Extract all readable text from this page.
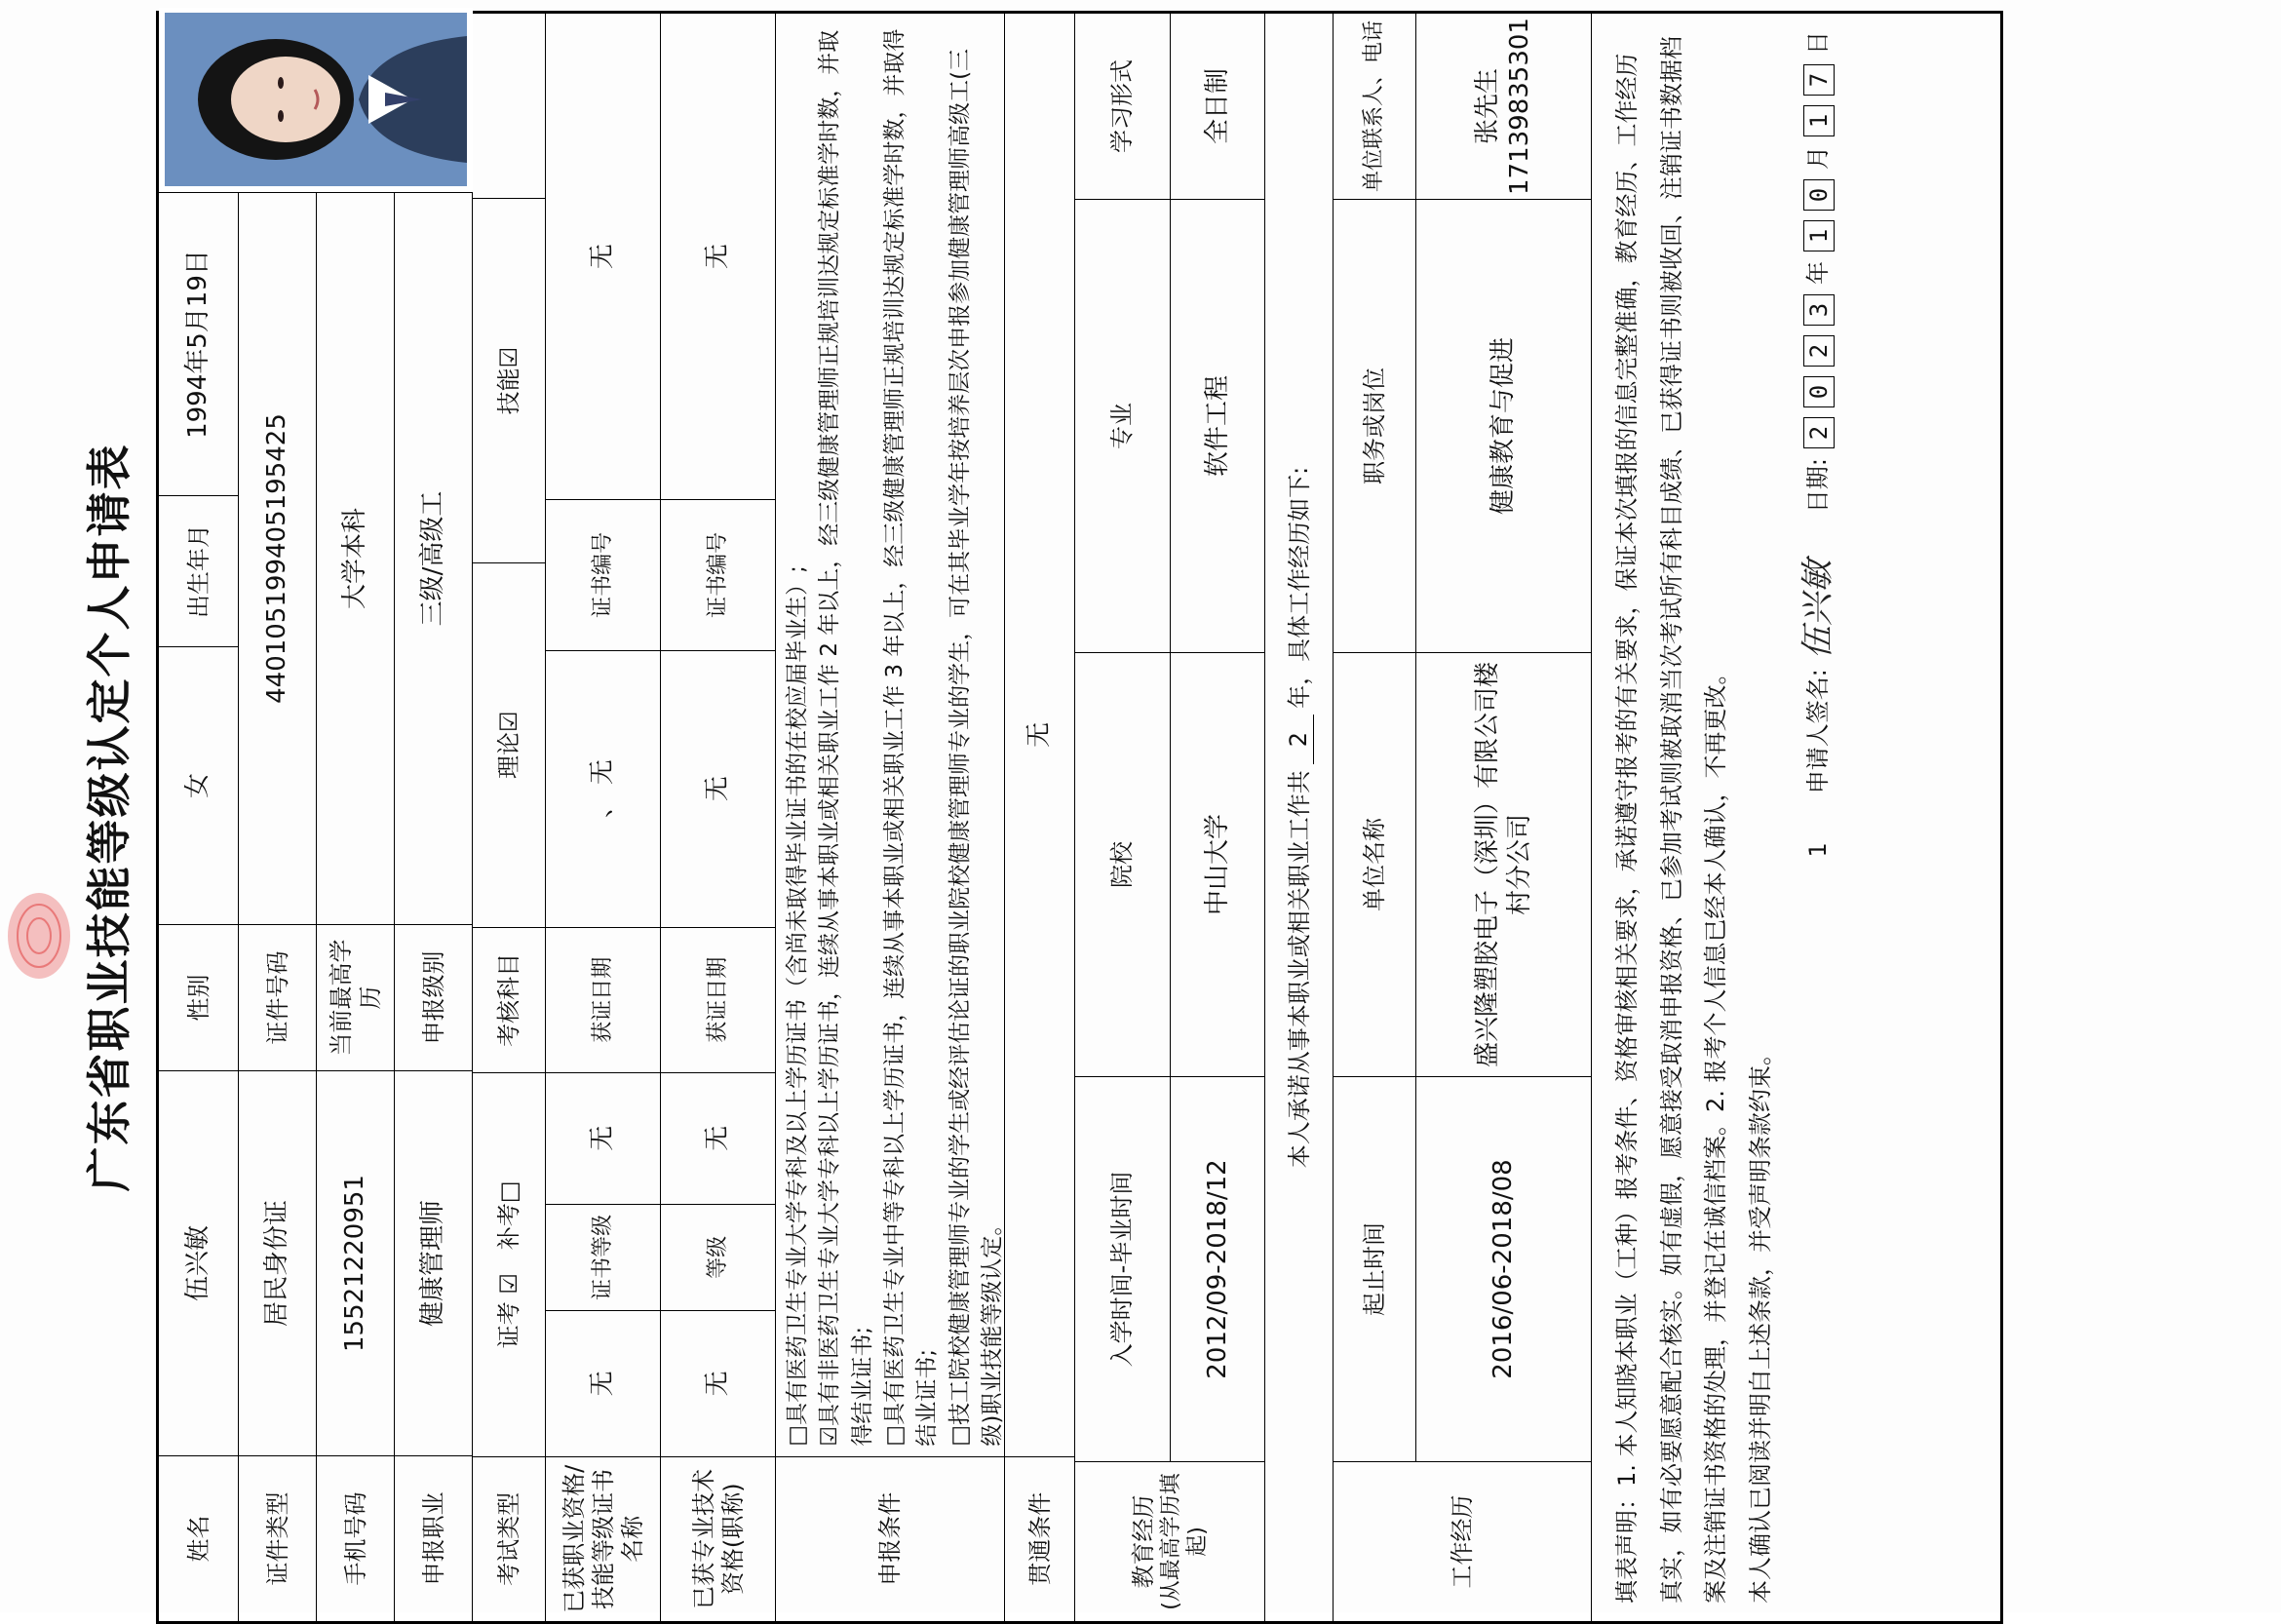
广东省职业技能等级认定个人申请表
姓名
伍兴敏
性别
女
出生年月
1994年5月19日
证件类型
居民身份证
证件号码
440105199405195425
手机号码
15521220951
当前最高学历
大学本科
申报职业
健康管理师
申报级别
三级/高级工
考试类型
证考 ☑
补考□
考核科目
理论☑
技能☑
已获职业资格/技能等级证书名称
无
证书等级
无
获证日期
、
无
证书编号
无
已获专业技术资格(职称)
无
等级
无
获证日期
无
证书编号
无
申报条件
□具有医药卫生专业大学专科及以上学历证书（含尚未取得毕业证书的在校应届毕业生）; ☑具有非医药卫生专业大学专科以上学历证书，连续从事本职业或相关职业工作 2 年以上，经三级健康管理师正规培训达规定标准学时数，并取得结业证书; □具有医药卫生专业中等专科以上学历证书，连续从事本职业或相关职业工作 3 年以上，经三级健康管理师正规培训达规定标准学时数，并取得结业证书; □技工院校健康管理师专业的学生或经评估论证的职业院校健康管理师专业的学生，可在其毕业学年按培养层次申报参加健康管理师高级工(三级)职业技能等级认定。
贯通条件
无
教育经历 (从最高学历填起)
入学时间-毕业时间
院校
专业
学习形式
2012/09-2018/12
中山大学
软件工程
全日制
本人承诺从事本职业或相关职业工作共
2
年，具体工作经历如下:
工作经历
起止时间
单位名称
职务或岗位
单位联系人、电话
2016/06-2018/08
盛兴隆塑胶电子（深圳）有限公司楼村分公司
健康教育与促进
张先生 17139835301	填表声明：1. 本人知晓本职业（工种）报考条件、资格审核相关要求，承诺遵守报考的有关要求，保证本次填报的信息完整准确，教育经历、工作经历真实，如有必要愿意配合核实。如有虚假，愿意接受取消申报资格、已参加考试则被取消当次考试所有科目成绩、已获得证书则被收回、注销证书数据档案及注销证书资格的处理，并登记在诚信档案。2. 报考个人信息已经本人确认，不再更改。 本人确认已阅读并明白上述条款，并受声明条款约束。
1
申请人签名:
伍兴敏
日期:
2
0
2
3
年
1
0
月
1
7
日
